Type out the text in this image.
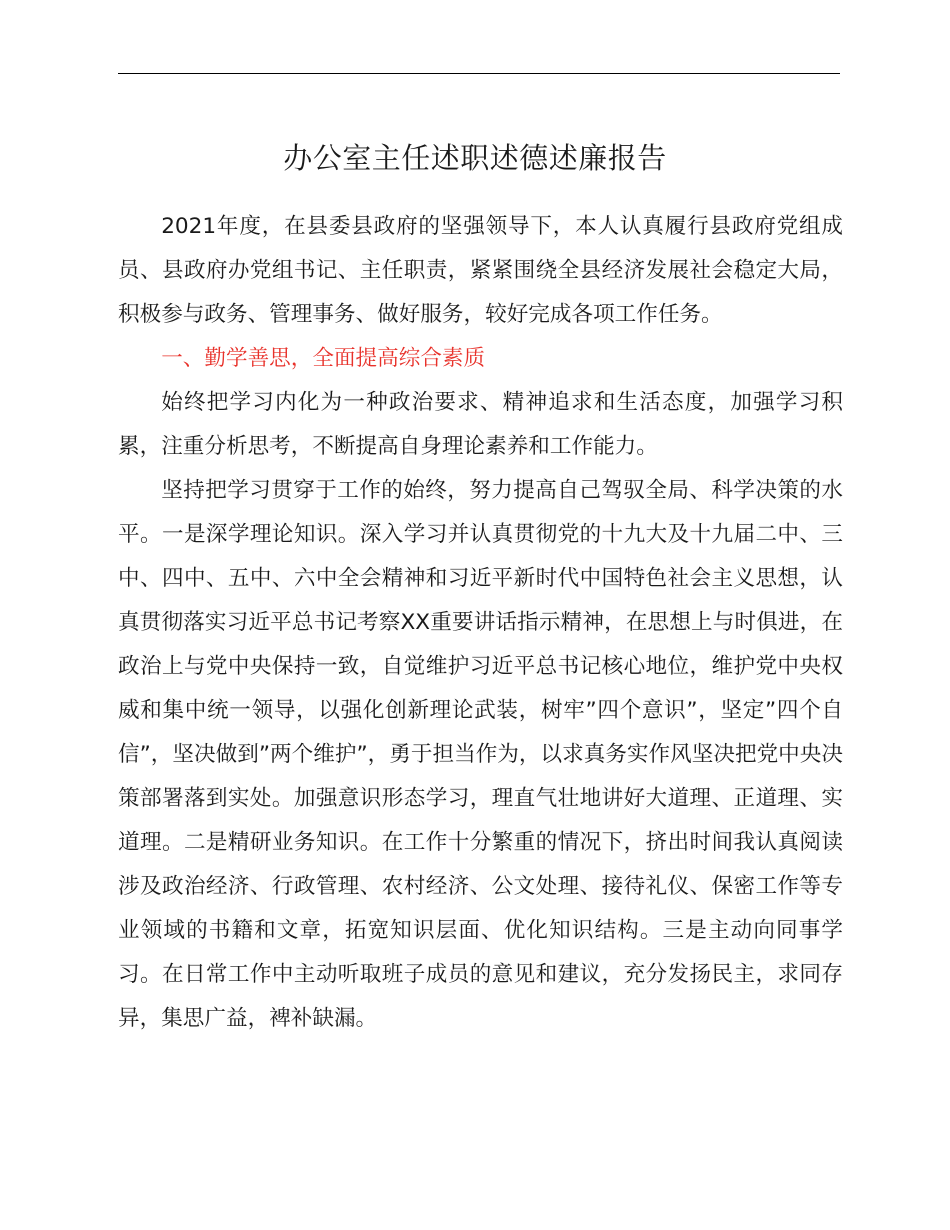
办公室主任述职述德述廉报告

2021年度，在县委县政府的坚强领导下，本人认真履行县政府党组成员、县政府办党组书记、主任职责，紧紧围绕全县经济发展社会稳定大局，积极参与政务、管理事务、做好服务，较好完成各项工作任务。

一、勤学善思，全面提高综合素质

始终把学习内化为一种政治要求、精神追求和生活态度，加强学习积累，注重分析思考，不断提高自身理论素养和工作能力。

坚持把学习贯穿于工作的始终，努力提高自己驾驭全局、科学决策的水平。一是深学理论知识。深入学习并认真贯彻党的十九大及十九届二中、三中、四中、五中、六中全会精神和习近平新时代中国特色社会主义思想，认真贯彻落实习近平总书记考察XX重要讲话指示精神，在思想上与时俱进，在政治上与党中央保持一致，自觉维护习近平总书记核心地位，维护党中央权威和集中统一领导，以强化创新理论武装，树牢”四个意识”，坚定”四个自信”，坚决做到”两个维护”，勇于担当作为，以求真务实作风坚决把党中央决策部署落到实处。加强意识形态学习，理直气壮地讲好大道理、正道理、实道理。二是精研业务知识。在工作十分繁重的情况下，挤出时间我认真阅读涉及政治经济、行政管理、农村经济、公文处理、接待礼仪、保密工作等专业领域的书籍和文章，拓宽知识层面、优化知识结构。三是主动向同事学习。在日常工作中主动听取班子成员的意见和建议，充分发扬民主，求同存异，集思广益，裨补缺漏。
